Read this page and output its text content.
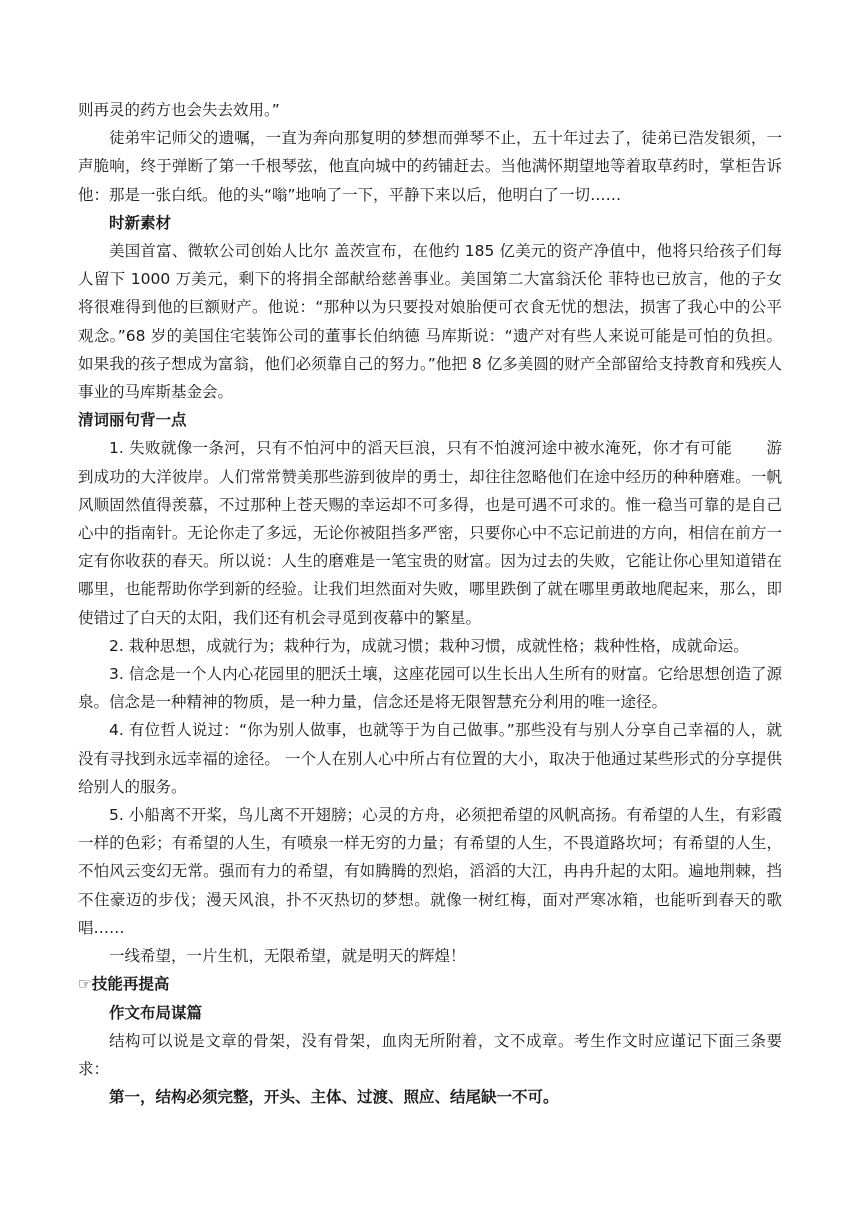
则再灵的药方也会失去效用。”

徒弟牢记师父的遗嘱，一直为奔向那复明的梦想而弹琴不止，五十年过去了，徒弟已浩发银须，一声脆响，终于弹断了第一千根琴弦，他直向城中的药铺赶去。当他满怀期望地等着取草药时，掌柜告诉他：那是一张白纸。他的头“嗡”地响了一下，平静下来以后，他明白了一切……

时新素材

美国首富、微软公司创始人比尔 盖茨宣布，在他约 185 亿美元的资产净值中，他将只给孩子们每人留下 1000 万美元，剩下的将捐全部献给慈善事业。美国第二大富翁沃伦 菲特也已放言，他的子女将很难得到他的巨额财产。他说：“那种以为只要投对娘胎便可衣食无忧的想法，损害了我心中的公平观念。”68 岁的美国住宅装饰公司的董事长伯纳德 马库斯说：“遗产对有些人来说可能是可怕的负担。如果我的孩子想成为富翁，他们必须靠自己的努力。”他把 8 亿多美圆的财产全部留给支持教育和残疾人事业的马库斯基金会。

清词丽句背一点

1. 失败就像一条河，只有不怕河中的滔天巨浪，只有不怕渡河途中被水淹死，你才有可能 游到成功的大洋彼岸。人们常常赞美那些游到彼岸的勇士，却往往忽略他们在途中经历的种种磨难。一帆风顺固然值得羡慕，不过那种上苍天赐的幸运却不可多得，也是可遇不可求的。惟一稳当可靠的是自己心中的指南针。无论你走了多远，无论你被阻挡多严密，只要你心中不忘记前进的方向，相信在前方一定有你收获的春天。所以说：人生的磨难是一笔宝贵的财富。因为过去的失败，它能让你心里知道错在哪里，也能帮助你学到新的经验。让我们坦然面对失败，哪里跌倒了就在哪里勇敢地爬起来，那么，即使错过了白天的太阳，我们还有机会寻觅到夜幕中的繁星。

2. 栽种思想，成就行为；栽种行为，成就习惯；栽种习惯，成就性格；栽种性格，成就命运。

3. 信念是一个人内心花园里的肥沃土壤，这座花园可以生长出人生所有的财富。它给思想创造了源泉。信念是一种精神的物质，是一种力量，信念还是将无限智慧充分利用的唯一途径。

4. 有位哲人说过：“你为别人做事，也就等于为自己做事。”那些没有与别人分享自己幸福的人，就没有寻找到永远幸福的途径。 一个人在别人心中所占有位置的大小，取决于他通过某些形式的分享提供给别人的服务。

5. 小船离不开桨，鸟儿离不开翅膀；心灵的方舟，必须把希望的风帆高扬。有希望的人生，有彩霞一样的色彩；有希望的人生，有喷泉一样无穷的力量；有希望的人生，不畏道路坎坷；有希望的人生，不怕风云变幻无常。强而有力的希望，有如腾腾的烈焰，滔滔的大江，冉冉升起的太阳。遍地荆棘，挡不住豪迈的步伐；漫天风浪，扑不灭热切的梦想。就像一树红梅，面对严寒冰箱，也能听到春天的歌唱……

一线希望，一片生机，无限希望，就是明天的辉煌！

☞技能再提高

作文布局谋篇

结构可以说是文章的骨架，没有骨架，血肉无所附着，文不成章。考生作文时应谨记下面三条要求：

第一，结构必须完整，开头、主体、过渡、照应、结尾缺一不可。
